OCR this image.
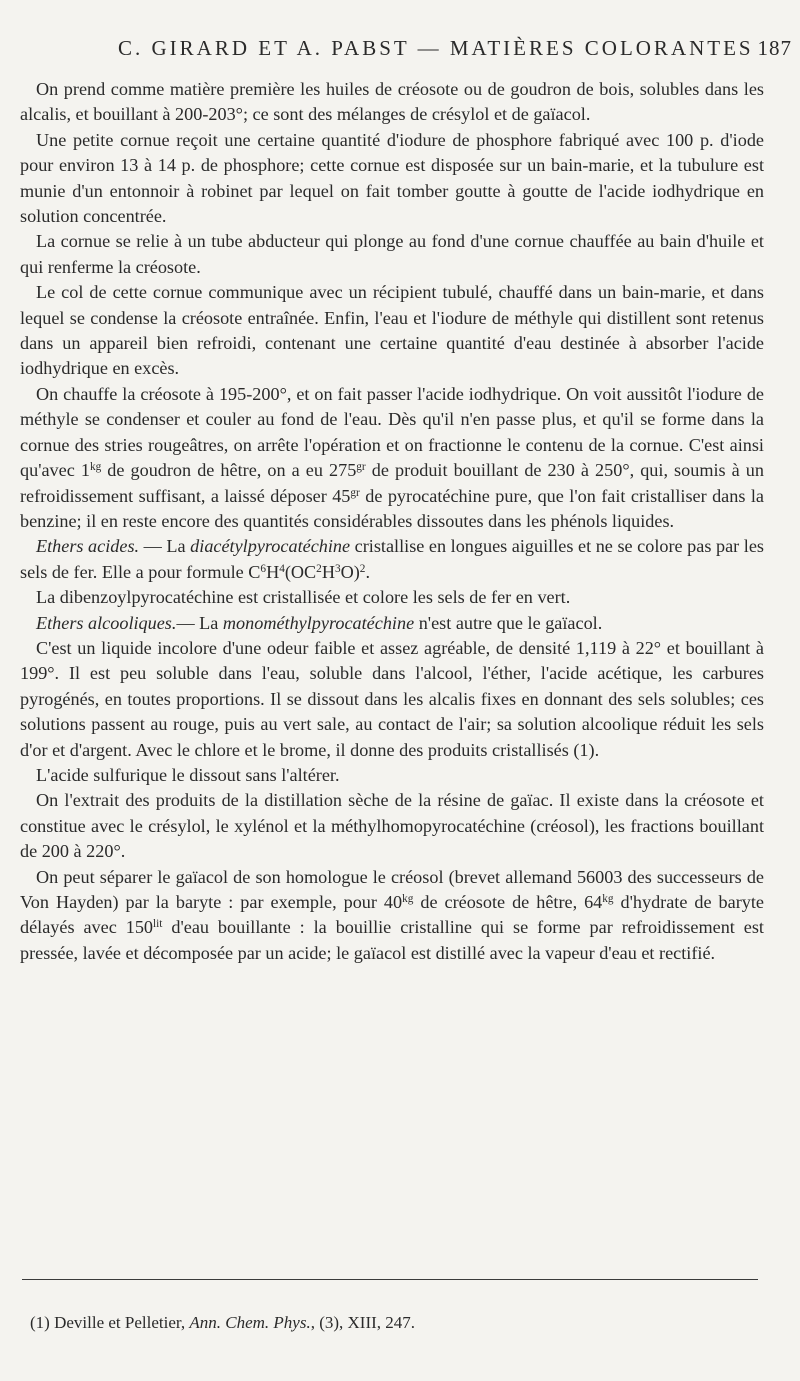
C. GIRARD ET A. PABST — MATIÈRES COLORANTES 187

On prend comme matière première les huiles de créosote ou de goudron de bois, solubles dans les alcalis, et bouillant à 200-203°; ce sont des mélanges de crésylol et de gaïacol.

Une petite cornue reçoit une certaine quantité d'iodure de phosphore fabriqué avec 100 p. d'iode pour environ 13 à 14 p. de phosphore; cette cornue est disposée sur un bain-marie, et la tubulure est munie d'un entonnoir à robinet par lequel on fait tomber goutte à goutte de l'acide iodhydrique en solution concentrée.

La cornue se relie à un tube abducteur qui plonge au fond d'une cornue chauffée au bain d'huile et qui renferme la créosote.

Le col de cette cornue communique avec un récipient tubulé, chauffé dans un bain-marie, et dans lequel se condense la créosote entraînée. Enfin, l'eau et l'iodure de méthyle qui distillent sont retenus dans un appareil bien refroidi, contenant une certaine quantité d'eau destinée à absorber l'acide iodhydrique en excès.

On chauffe la créosote à 195-200°, et on fait passer l'acide iodhydrique. On voit aussitôt l'iodure de méthyle se condenser et couler au fond de l'eau. Dès qu'il n'en passe plus, et qu'il se forme dans la cornue des stries rougeâtres, on arrête l'opération et on fractionne le contenu de la cornue. C'est ainsi qu'avec $1^{kg}$ de goudron de hêtre, on a eu $275^{gr}$ de produit bouillant de 230 à 250°, qui, soumis à un refroidissement suffisant, a laissé déposer $45^{gr}$ de pyrocatéchine pure, que l'on fait cristalliser dans la benzine; il en reste encore des quantités considérables dissoutes dans les phénols liquides.

Ethers acides. — La diacétylpyrocatéchine cristallise en longues aiguilles et ne se colore pas par les sels de fer. Elle a pour formule $C^6H^4(OC^2H^3O)^2$.

La dibenzoylpyrocatéchine est cristallisée et colore les sels de fer en vert.

Ethers alcooliques.— La monométhylpyrocatéchine n'est autre que le gaïacol.

C'est un liquide incolore d'une odeur faible et assez agréable, de densité 1,119 à 22° et bouillant à 199°. Il est peu soluble dans l'eau, soluble dans l'alcool, l'éther, l'acide acétique, les carbures pyrogénés, en toutes proportions. Il se dissout dans les alcalis fixes en donnant des sels solubles; ces solutions passent au rouge, puis au vert sale, au contact de l'air; sa solution alcoolique réduit les sels d'or et d'argent. Avec le chlore et le brome, il donne des produits cristallisés (1).

L'acide sulfurique le dissout sans l'altérer.

On l'extrait des produits de la distillation sèche de la résine de gaïac. Il existe dans la créosote et constitue avec le crésylol, le xylénol et la méthylhomopyrocatéchine (créosol), les fractions bouillant de 200 à 220°.

On peut séparer le gaïacol de son homologue le créosol (brevet allemand 56003 des successeurs de Von Hayden) par la baryte : par exemple, pour $40^{kg}$ de créosote de hêtre, $64^{kg}$ d'hydrate de baryte délayés avec $150^{lit}$ d'eau bouillante : la bouillie cristalline qui se forme par refroidissement est pressée, lavée et décomposée par un acide; le gaïacol est distillé avec la vapeur d'eau et rectifié.

(1) Deville et Pelletier, Ann. Chem. Phys., (3), XIII, 247.
